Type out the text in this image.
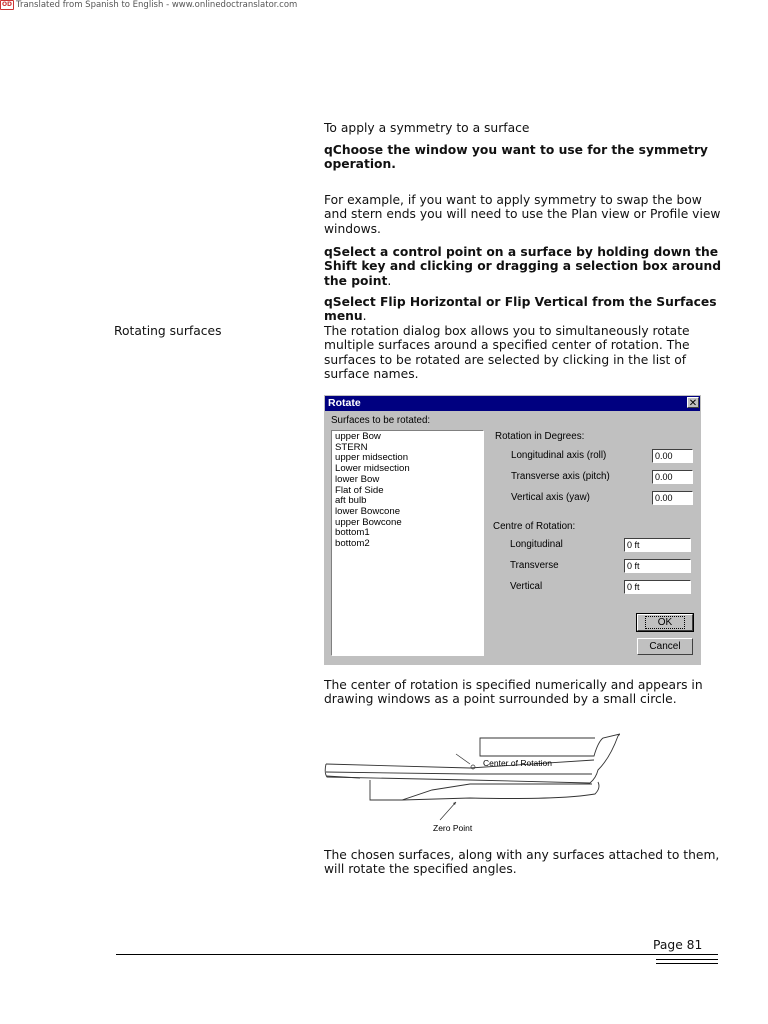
OD Translated from Spanish to English - www.onlinedoctranslator.com

To apply a symmetry to a surface

qChoose the window you want to use for the symmetry operation.

For example, if you want to apply symmetry to swap the bow and stern ends you will need to use the Plan view or Profile view windows.

qSelect a control point on a surface by holding down the Shift key and clicking or dragging a selection box around the point.

qSelect Flip Horizontal or Flip Vertical from the Surfaces menu.

Rotating surfaces	The rotation dialog box allows you to simultaneously rotate multiple surfaces around a specified center of rotation. The surfaces to be rotated are selected by clicking in the list of surface names.

Rotate	✕
Surfaces to be rotated:
upper Bow
STERN
upper midsection
Lower midsection
lower Bow
Flat of Side
aft bulb
lower Bowcone
upper Bowcone
bottom1
bottom2
Rotation in Degrees:
Longitudinal axis (roll)	0.00
Transverse axis (pitch)	0.00
Vertical axis (yaw)	0.00
Centre of Rotation:
Longitudinal	0 ft
Transverse	0 ft
Vertical	0 ft
OK
Cancel

The center of rotation is specified numerically and appears in drawing windows as a point surrounded by a small circle.

Center of Rotation
Zero Point

The chosen surfaces, along with any surfaces attached to them, will rotate the specified angles.

Page 81
